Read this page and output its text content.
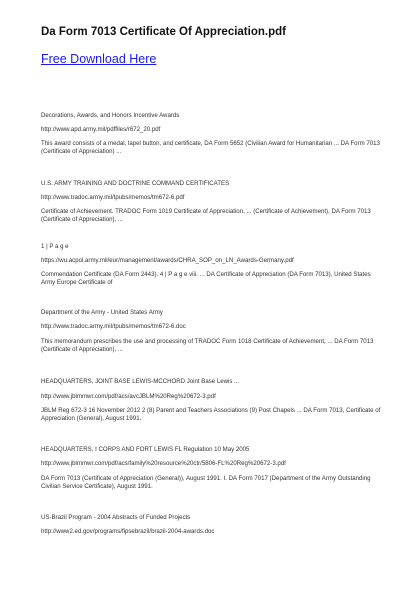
Da Form 7013 Certificate Of Appreciation.pdf
Free Download Here
Decorations, Awards, and Honors Incentive Awards
http://www.apd.army.mil/pdffiles/r672_20.pdf
This award consists of a medal, lapel button, and certificate, DA Form 5652 (Civilian Award for Humanitarian ... DA Form 7013 (Certificate of Appreciation) ...
U.S. ARMY TRAINING AND DOCTRINE COMMAND CERTIFICATES
http://www.tradoc.army.mil/tpubs/memos/tm672-6.pdf
Certificate of Achievement. TRADOC Form 1019 Certificate of Appreciation, ... (Certificate of Achievement), DA Form 7013 (Certificate of Appreciation), ...
1 | P a g e
https://wu.acpol.army.mil/eur/management/awards/CHRA_SOP_on_LN_Awards-Germany.pdf
Commendation Certificate (DA Form 2443). 4 | P a g e viii. ... DA Certificate of Appreciation (DA Form 7013), United States Army Europe Certificate of
Department of the Army - United States Army
http://www.tradoc.army.mil/tpubs/memos/tm672-6.doc
This memorandum prescribes the use and processing of TRADOC Form 1018 Certificate of Achievement, ... DA Form 7013 (Certificate of Appreciation), ...
HEADQUARTERS, JOINT BASE LEWIS-MCCHORD Joint Base Lewis ...
http://www.jblmmwr.com/pdf/acs/avcJBLM%20Reg%20672-3.pdf
JBLM Reg 672-3 16 November 2012 2 (8) Parent and Teachers Associations (9) Post Chapels ... DA Form 7013, Certificate of Appreciation (General), August 1991.
HEADQUARTERS, I CORPS AND FORT LEWIS FL Regulation 10 May 2005
http://www.jblmmwr.com/pdf/acs/family%20resource%20ctr/5806-FL%20Reg%20672-3.pdf
DA Form 7013 (Certificate of Appreciation (General)), August 1991. I. DA Form 7017 (Department of the Army Outstanding Civilian Service Certificate), August 1991.
US-Brazil Program - 2004 Abstracts of Funded Projects
http://www2.ed.gov/programs/fipsebrazil/brazil-2004-awards.doc
